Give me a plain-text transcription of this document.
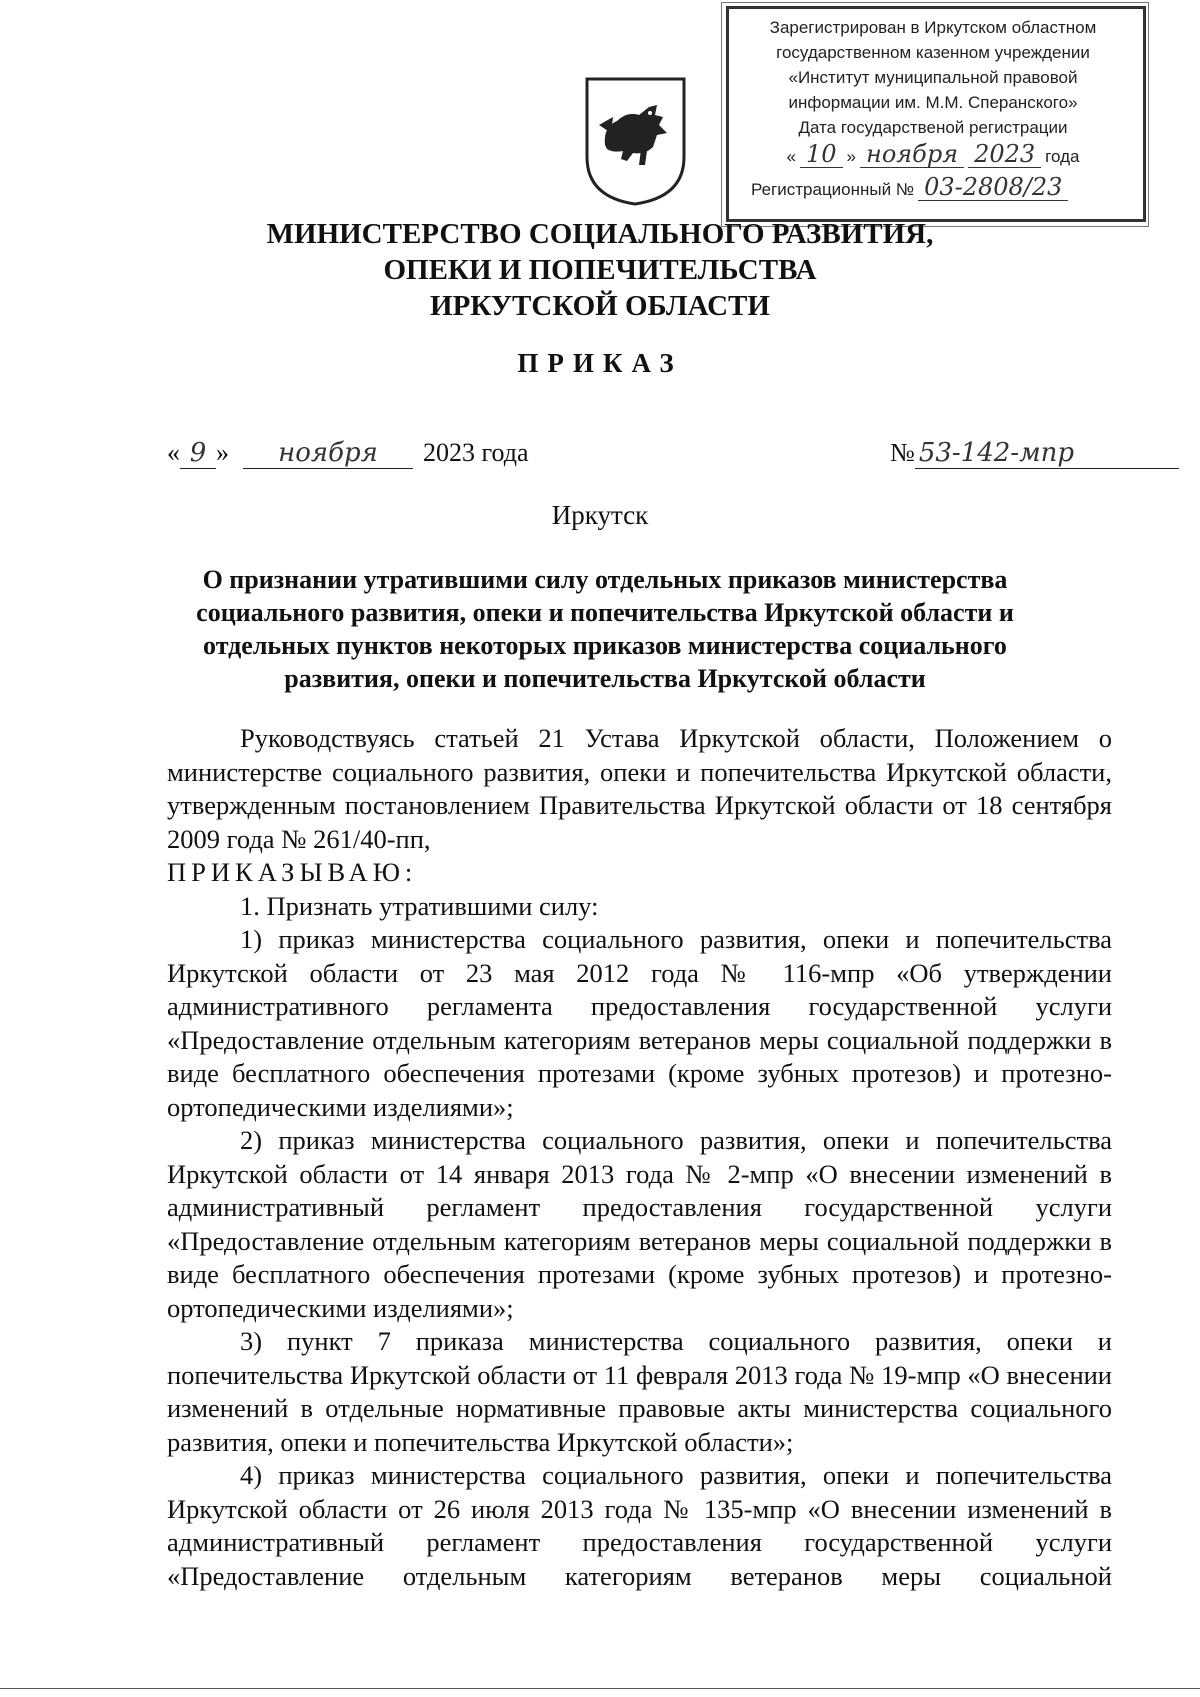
Зарегистрирован в Иркутском областном
государственном казенном учреждении
«Институт муниципальной правовой
информации им. М.М. Сперанского»
Дата государственой регистрации
« 10 » ноября 2023 года
Регистрационный № 03-2808/23
МИНИСТЕРСТВО СОЦИАЛЬНОГО РАЗВИТИЯ,
ОПЕКИ И ПОПЕЧИТЕЛЬСТВА
ИРКУТСКОЙ ОБЛАСТИ
ПРИКАЗ
« 9 »	ноября	2023 года	№ 53-142-мпр
Иркутск
О признании утратившими силу отдельных приказов министерства социального развития, опеки и попечительства Иркутской области и отдельных пунктов некоторых приказов министерства социального развития, опеки и попечительства Иркутской области

Руководствуясь статьей 21 Устава Иркутской области, Положением о министерстве социального развития, опеки и попечительства Иркутской области, утвержденным постановлением Правительства Иркутской области от 18 сентября 2009 года № 261/40-пп,

ПРИКАЗЫВАЮ:

1. Признать утратившими силу:

1) приказ министерства социального развития, опеки и попечительства Иркутской области от 23 мая 2012 года № 116-мпр «Об утверждении административного регламента предоставления государственной услуги «Предоставление отдельным категориям ветеранов меры социальной поддержки в виде бесплатного обеспечения протезами (кроме зубных протезов) и протезно-ортопедическими изделиями»;

2) приказ министерства социального развития, опеки и попечительства Иркутской области от 14 января 2013 года № 2-мпр «О внесении изменений в административный регламент предоставления государственной услуги «Предоставление отдельным категориям ветеранов меры социальной поддержки в виде бесплатного обеспечения протезами (кроме зубных протезов) и протезно-ортопедическими изделиями»;

3) пункт 7 приказа министерства социального развития, опеки и попечительства Иркутской области от 11 февраля 2013 года № 19-мпр «О внесении изменений в отдельные нормативные правовые акты министерства социального развития, опеки и попечительства Иркутской области»;

4) приказ министерства социального развития, опеки и попечительства Иркутской области от 26 июля 2013 года № 135-мпр «О внесении изменений в административный регламент предоставления государственной услуги «Предоставление отдельным категориям ветеранов меры социальной
